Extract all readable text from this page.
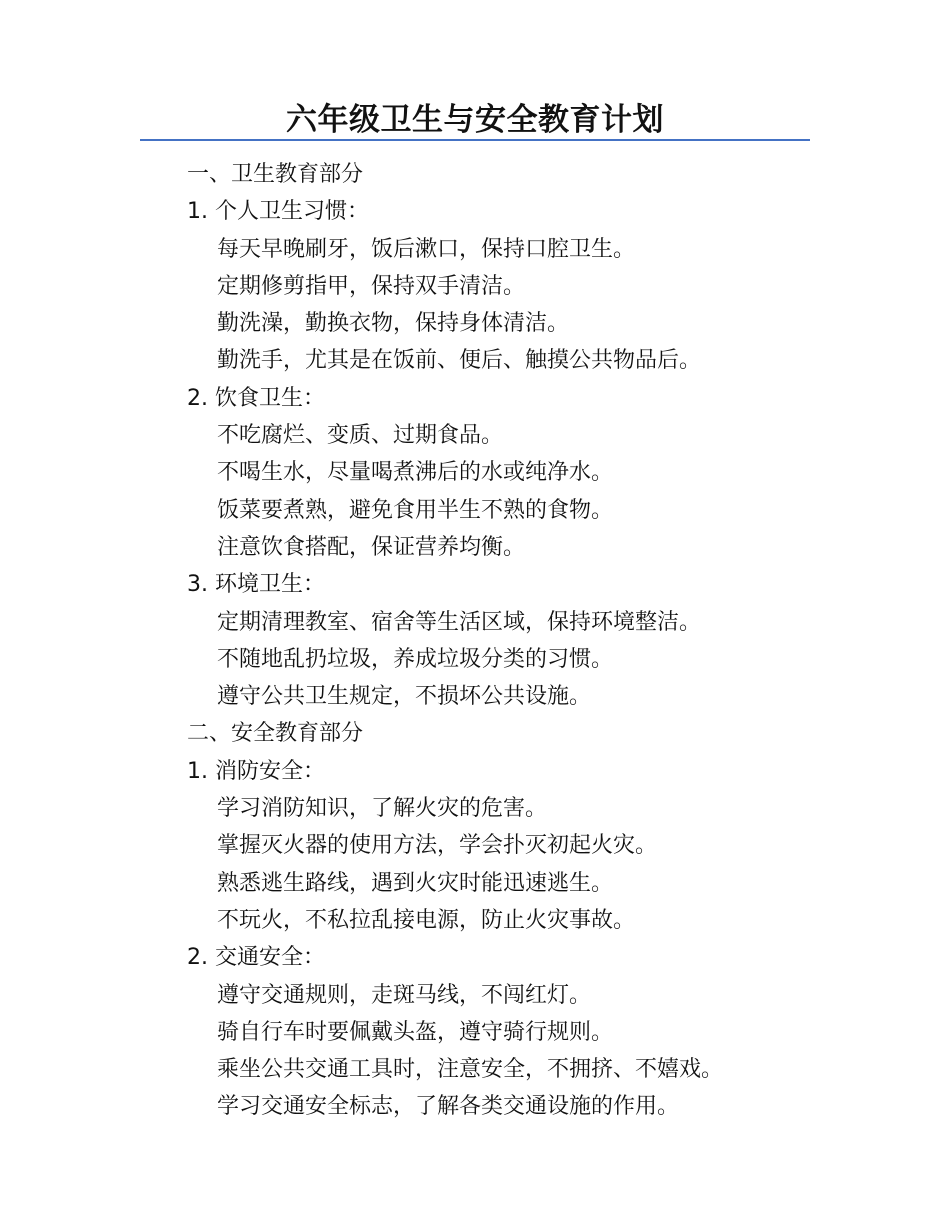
六年级卫生与安全教育计划
一、卫生教育部分
1. 个人卫生习惯：
每天早晚刷牙，饭后漱口，保持口腔卫生。
定期修剪指甲，保持双手清洁。
勤洗澡，勤换衣物，保持身体清洁。
勤洗手，尤其是在饭前、便后、触摸公共物品后。
2. 饮食卫生：
不吃腐烂、变质、过期食品。
不喝生水，尽量喝煮沸后的水或纯净水。
饭菜要煮熟，避免食用半生不熟的食物。
注意饮食搭配，保证营养均衡。
3. 环境卫生：
定期清理教室、宿舍等生活区域，保持环境整洁。
不随地乱扔垃圾，养成垃圾分类的习惯。
遵守公共卫生规定，不损坏公共设施。
二、安全教育部分
1. 消防安全：
学习消防知识，了解火灾的危害。
掌握灭火器的使用方法，学会扑灭初起火灾。
熟悉逃生路线，遇到火灾时能迅速逃生。
不玩火，不私拉乱接电源，防止火灾事故。
2. 交通安全：
遵守交通规则，走斑马线，不闯红灯。
骑自行车时要佩戴头盔，遵守骑行规则。
乘坐公共交通工具时，注意安全，不拥挤、不嬉戏。
学习交通安全标志，了解各类交通设施的作用。
